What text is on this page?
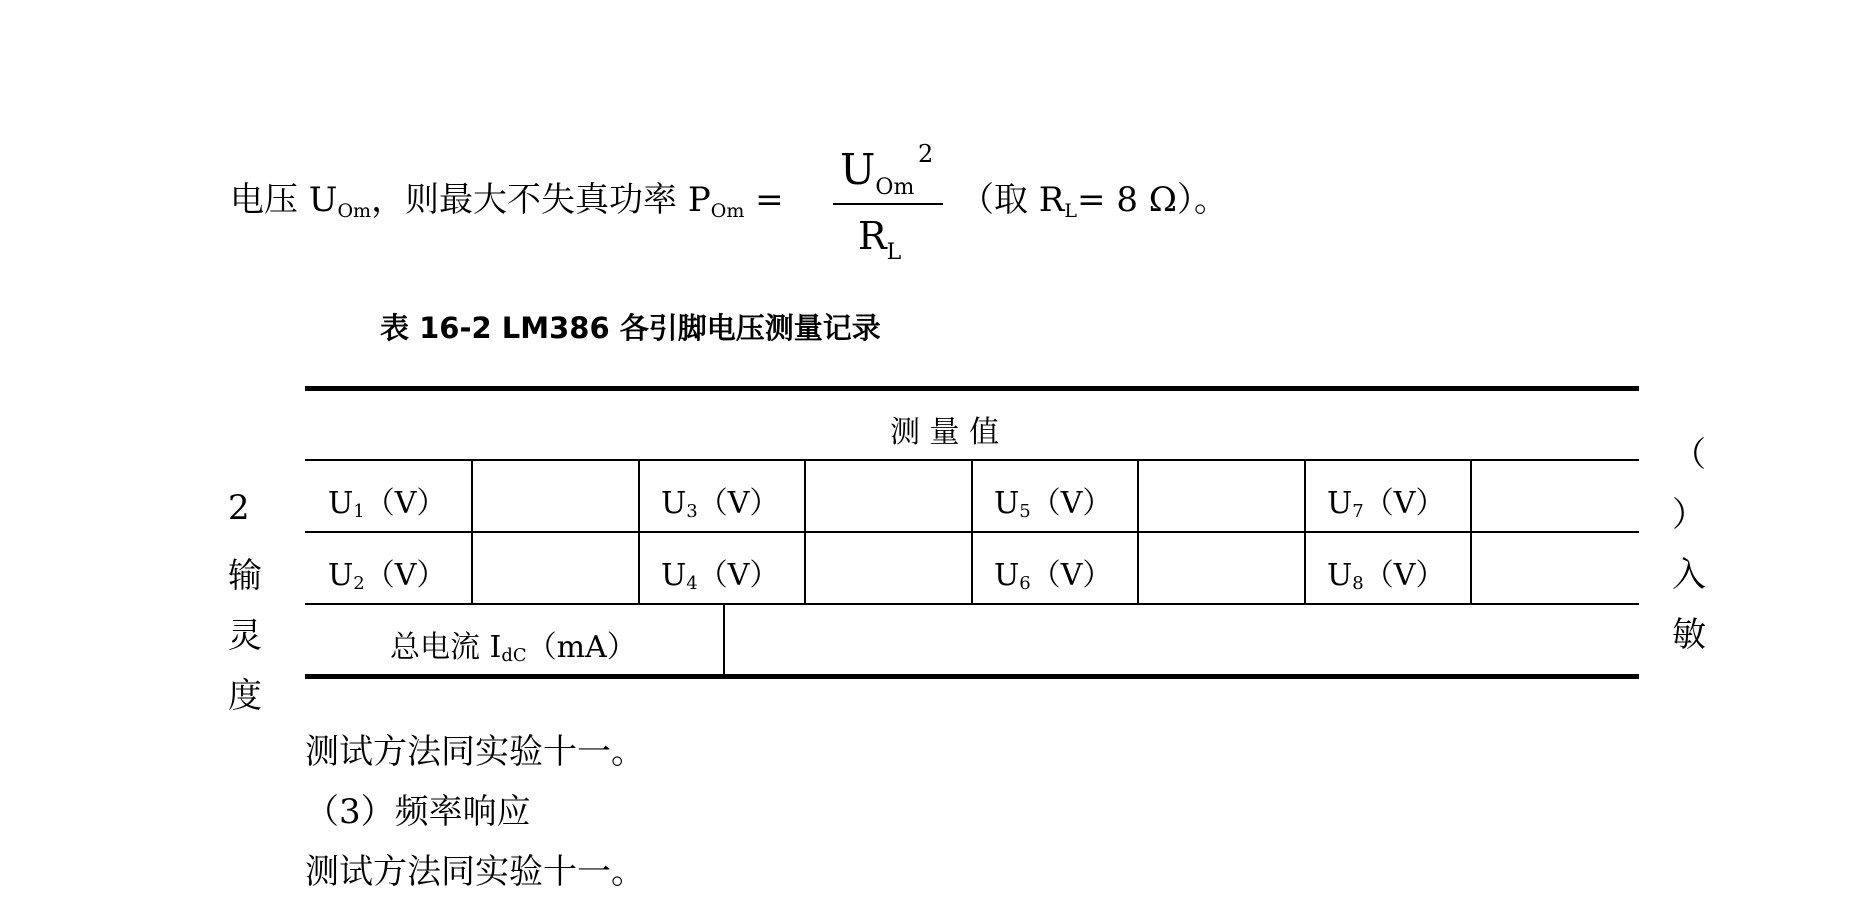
电压 $U_{Om}$，则最大不失真功率 $P_{Om}$ =
UOm
2
RL
（取 $R_L= 8$ Ω）。
表 16-2 LM386 各引脚电压测量记录
测 量 值
U1（V）	U3（V）	U5（V）	U7（V）
U2（V）	U4（V）	U6（V）	U8（V）
总电流 IdC（mA）
2
输
灵
度
（
）
入
敏
测试方法同实验十一。
（3）频率响应
测试方法同实验十一。
